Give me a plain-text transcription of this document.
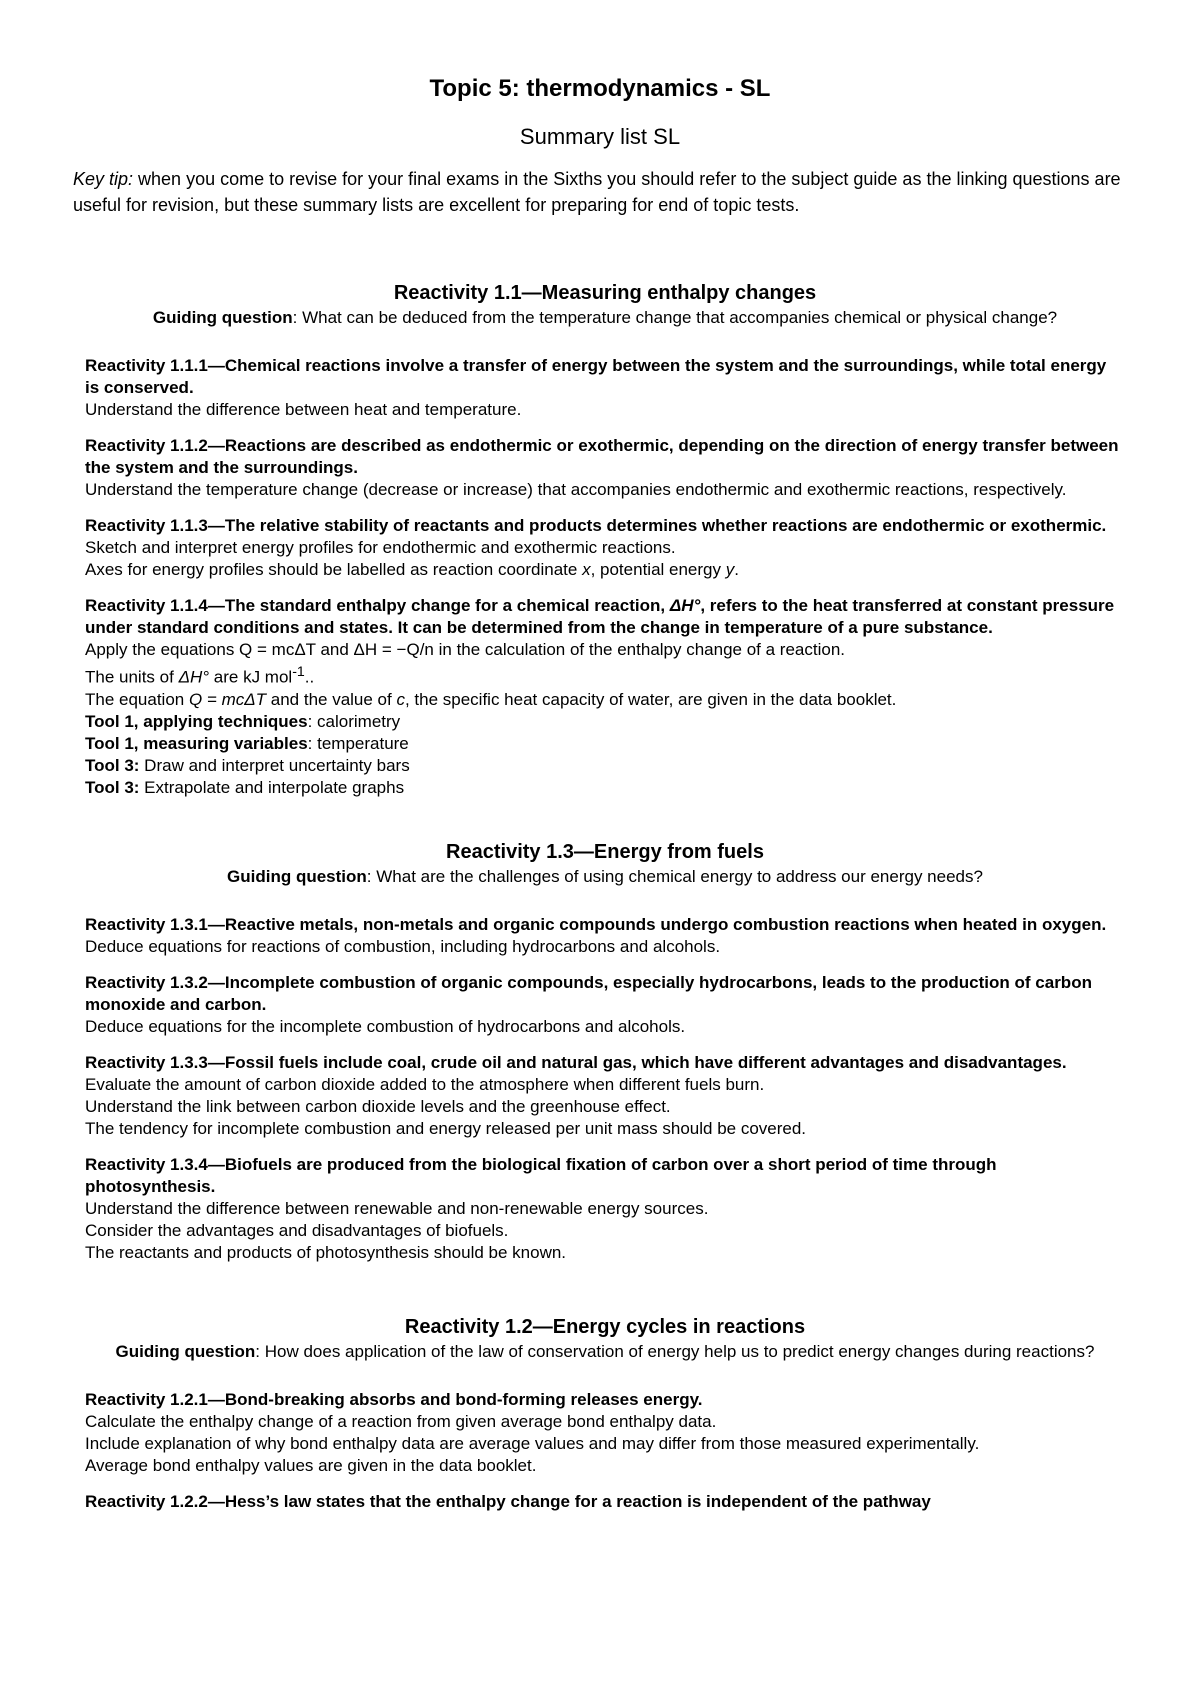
Topic 5: thermodynamics - SL
Summary list SL
Key tip: when you come to revise for your final exams in the Sixths you should refer to the subject guide as the linking questions are useful for revision, but these summary lists are excellent for preparing for end of topic tests.
Reactivity 1.1—Measuring enthalpy changes
Guiding question: What can be deduced from the temperature change that accompanies chemical or physical change?
Reactivity 1.1.1—Chemical reactions involve a transfer of energy between the system and the surroundings, while total energy is conserved.
Understand the difference between heat and temperature.
Reactivity 1.1.2—Reactions are described as endothermic or exothermic, depending on the direction of energy transfer between the system and the surroundings.
Understand the temperature change (decrease or increase) that accompanies endothermic and exothermic reactions, respectively.
Reactivity 1.1.3—The relative stability of reactants and products determines whether reactions are endothermic or exothermic.
Sketch and interpret energy profiles for endothermic and exothermic reactions.
Axes for energy profiles should be labelled as reaction coordinate x, potential energy y.
Reactivity 1.1.4—The standard enthalpy change for a chemical reaction, ΔH°, refers to the heat transferred at constant pressure under standard conditions and states. It can be determined from the change in temperature of a pure substance.
Apply the equations Q = mcΔT and ΔH = −Q/n in the calculation of the enthalpy change of a reaction.
The units of ΔH° are kJ mol$^{-1}$..
The equation Q = mcΔT and the value of c, the specific heat capacity of water, are given in the data booklet.
Tool 1, applying techniques: calorimetry
Tool 1, measuring variables: temperature
Tool 3: Draw and interpret uncertainty bars
Tool 3: Extrapolate and interpolate graphs
Reactivity 1.3—Energy from fuels
Guiding question: What are the challenges of using chemical energy to address our energy needs?
Reactivity 1.3.1—Reactive metals, non-metals and organic compounds undergo combustion reactions when heated in oxygen.
Deduce equations for reactions of combustion, including hydrocarbons and alcohols.
Reactivity 1.3.2—Incomplete combustion of organic compounds, especially hydrocarbons, leads to the production of carbon monoxide and carbon.
Deduce equations for the incomplete combustion of hydrocarbons and alcohols.
Reactivity 1.3.3—Fossil fuels include coal, crude oil and natural gas, which have different advantages and disadvantages.
Evaluate the amount of carbon dioxide added to the atmosphere when different fuels burn.
Understand the link between carbon dioxide levels and the greenhouse effect.
The tendency for incomplete combustion and energy released per unit mass should be covered.
Reactivity 1.3.4—Biofuels are produced from the biological fixation of carbon over a short period of time through photosynthesis.
Understand the difference between renewable and non-renewable energy sources.
Consider the advantages and disadvantages of biofuels.
The reactants and products of photosynthesis should be known.
Reactivity 1.2—Energy cycles in reactions
Guiding question: How does application of the law of conservation of energy help us to predict energy changes during reactions?
Reactivity 1.2.1—Bond-breaking absorbs and bond-forming releases energy.
Calculate the enthalpy change of a reaction from given average bond enthalpy data.
Include explanation of why bond enthalpy data are average values and may differ from those measured experimentally.
Average bond enthalpy values are given in the data booklet.
Reactivity 1.2.2—Hess’s law states that the enthalpy change for a reaction is independent of the pathway
